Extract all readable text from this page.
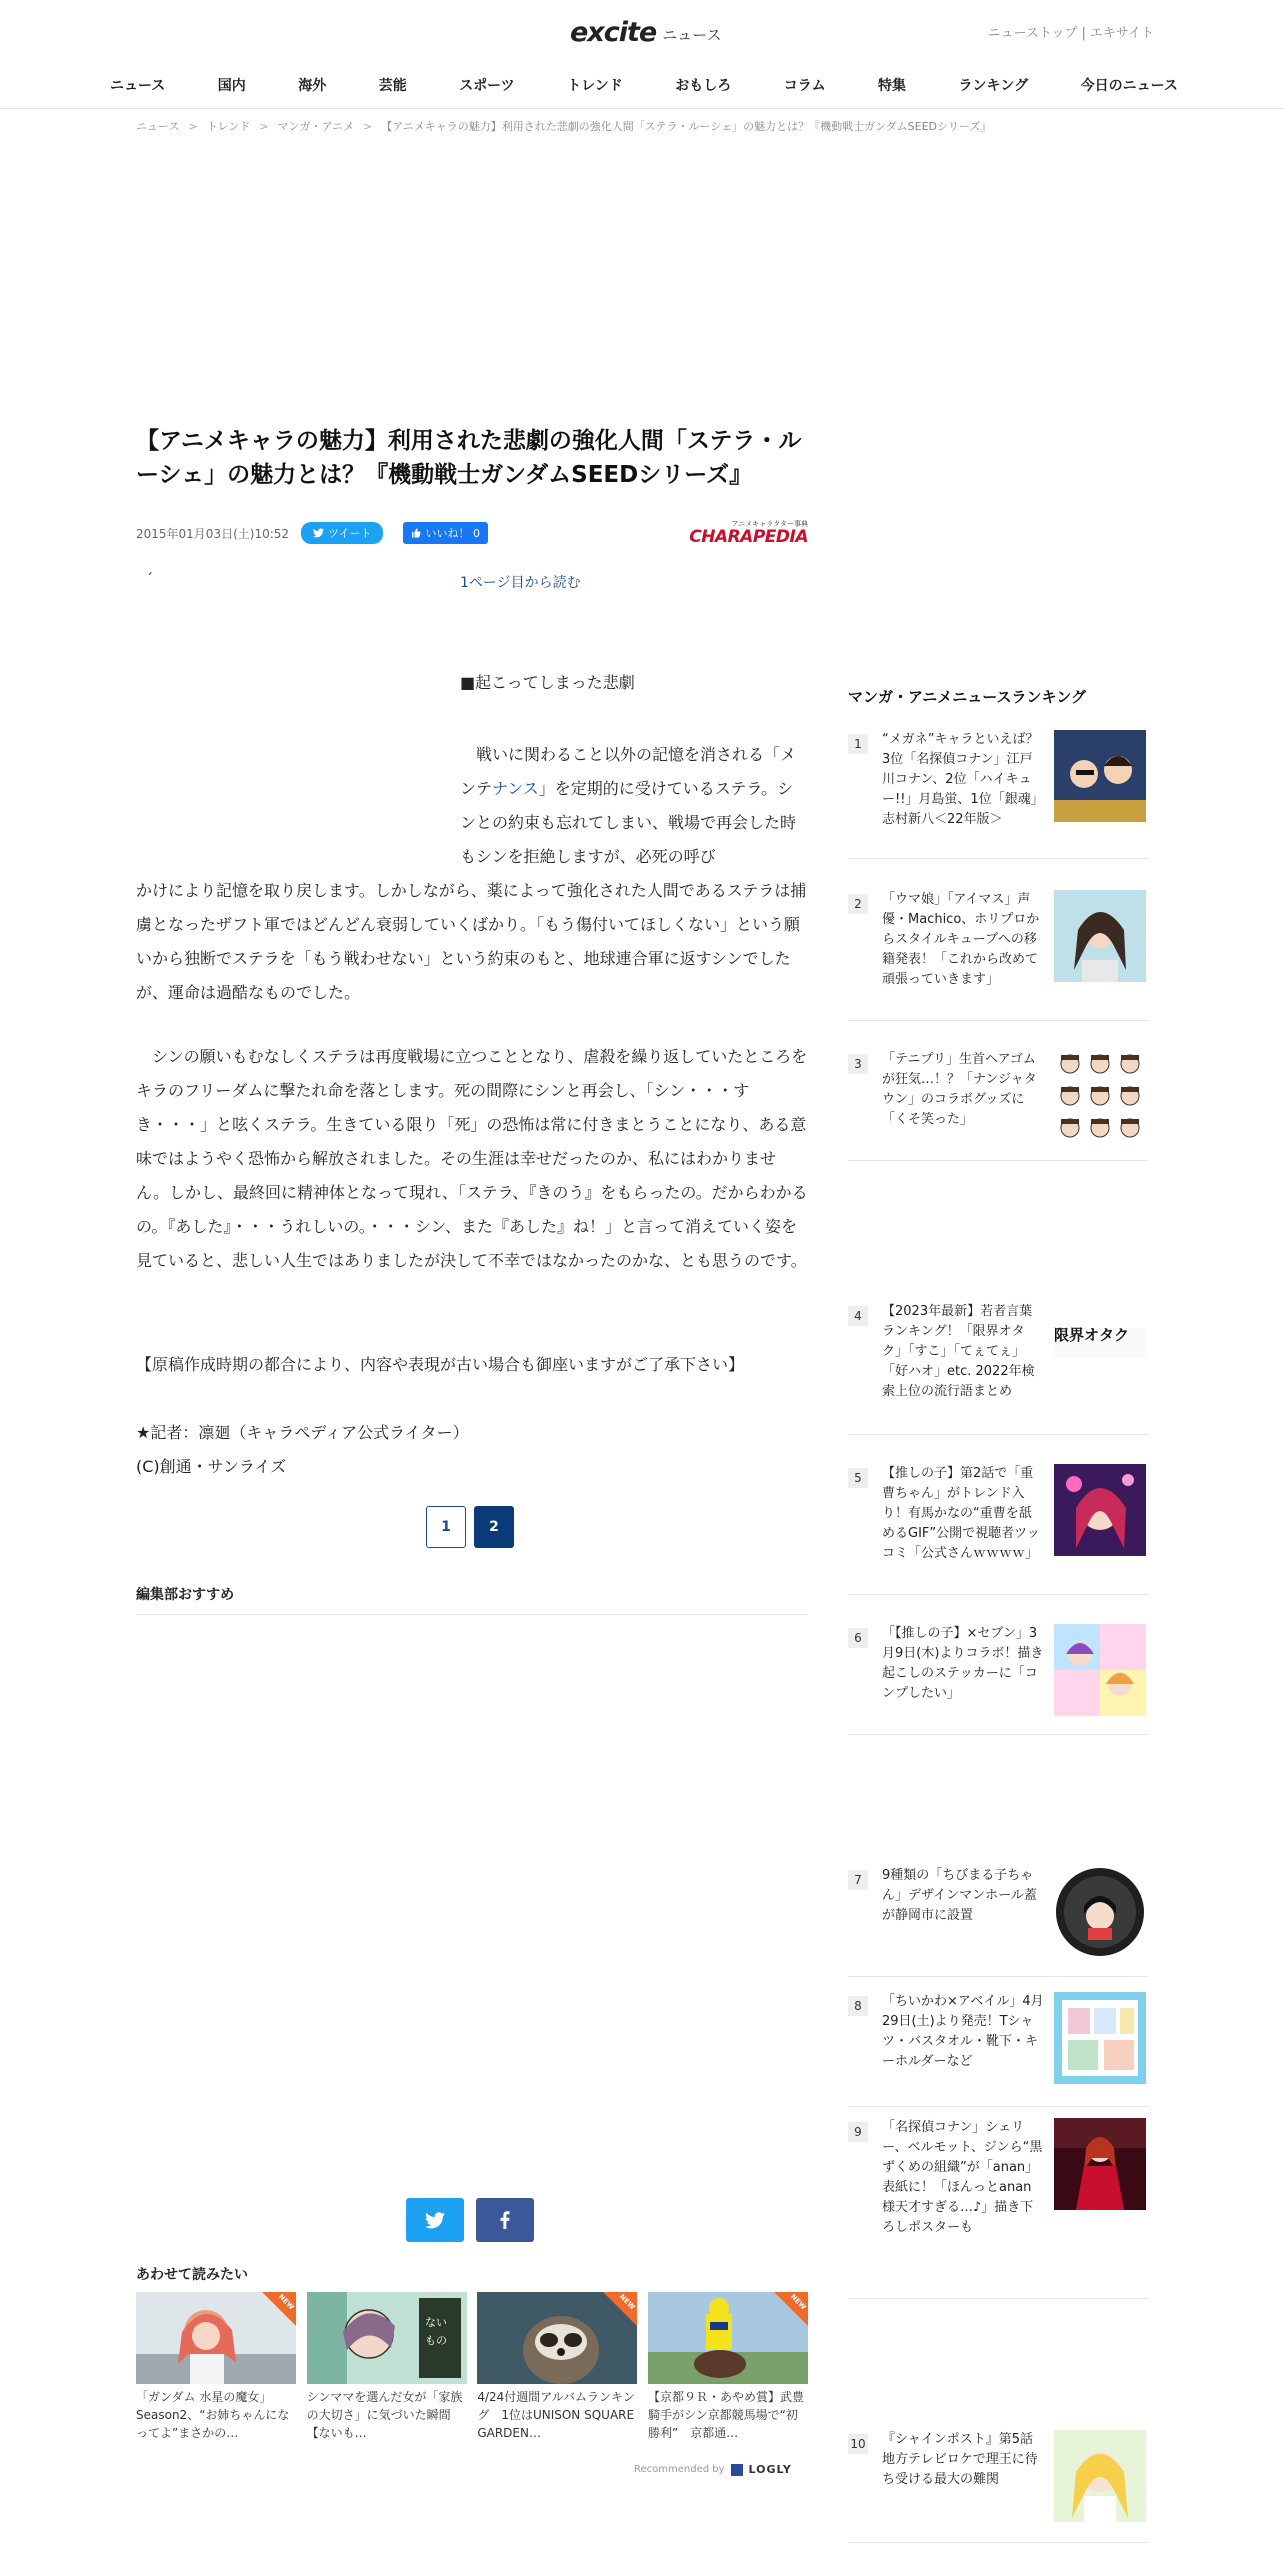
excite ニュース	ニューストップ | エキサイト
ニュース	国内	海外	芸能	スポーツ	トレンド	おもしろ	コラム	特集	ランキング	今日のニュース
ニュース > トレンド > マンガ・アニメ > 【アニメキャラの魅力】利用された悲劇の強化人間「ステラ・ルーシェ」の魅力とは？『機動戦士ガンダムSEEDシリーズ』
【アニメキャラの魅力】利用された悲劇の強化人間「ステラ・ルーシェ」の魅力とは？『機動戦士ガンダムSEEDシリーズ』
2015年01月03日(土)10:52	ツイート	いいね！ 0
アニメキャラクター事典
CHARAPEDIA
´	1ページ目から読む

■起こってしまった悲劇

　戦いに関わること以外の記憶を消される「メンテナンス」を定期的に受けているステラ。シンとの約束も忘れてしまい、戦場で再会した時もシンを拒絶しますが、必死の呼び
かけにより記憶を取り戻します。しかしながら、薬によって強化された人間であるステラは捕虜となったザフト軍ではどんどん衰弱していくばかり。「もう傷付いてほしくない」という願いから独断でステラを「もう戦わせない」という約束のもと、地球連合軍に返すシンでしたが、運命は過酷なものでした。

　シンの願いもむなしくステラは再度戦場に立つこととなり、虐殺を繰り返していたところをキラのフリーダムに撃たれ命を落とします。死の間際にシンと再会し、「シン・・・すき・・・」と呟くステラ。生きている限り「死」の恐怖は常に付きまとうことになり、ある意味ではようやく恐怖から解放されました。その生涯は幸せだったのか、私にはわかりません。しかし、最終回に精神体となって現れ、「ステラ、『きのう』をもらったの。だからわかるの。『あした』・・・うれしいの。・・・シン、また『あした』ね！」と言って消えていく姿を見ていると、悲しい人生ではありましたが決して不幸ではなかったのかな、とも思うのです。

【原稿作成時期の都合により、内容や表現が古い場合も御座いますがご了承下さい】

★記者：凛廻（キャラペディア公式ライター）
(C)創通・サンライズ
1	2
編集部おすすめ
あわせて読みたい
NEW
「ガンダム 水星の魔女」Season2、“お姉ちゃんになってよ”まさかの…
ない
もの
シンママを選んだ女が「家族の大切さ」に気づいた瞬間【ないも…
NEW
4/24付週間アルバムランキング　1位はUNISON SQUARE GARDEN…
NEW
【京都９Ｒ・あやめ賞】武豊騎手がシン京都競馬場で“初勝利”　京都通…
Recommended by LOGLY
マンガ・アニメニュースランキング
1	“メガネ”キャラといえば？ 3位「名探偵コナン」江戸川コナン、2位「ハイキュー!!」月島蛍、1位「銀魂」志村新八＜22年版＞
2	「ウマ娘」「アイマス」声優・Machico、ホリプロからスタイルキューブへの移籍発表！「これから改めて頑張っていきます」
3	「テニプリ」生首ヘアゴムが狂気…！？「ナンジャタウン」のコラボグッズに「くそ笑った」
4	【2023年最新】若者言葉ランキング！「限界オタク」「すこ」「てぇてぇ」「好ハオ」etc. 2022年検索上位の流行語まとめ
限界オタク
5	【推しの子】第2話で「重曹ちゃん」がトレンド入り！有馬かなの“重曹を舐めるGIF”公開で視聴者ツッコミ「公式さんｗｗｗｗ」
6	「【推しの子】×セブン」3月9日(木)よりコラボ！描き起こしのステッカーに「コンプしたい」
7	9種類の「ちびまる子ちゃん」デザインマンホール蓋が静岡市に設置
8	「ちいかわ×アベイル」4月29日(土)より発売！Tシャツ・バスタオル・靴下・キーホルダーなど
9	「名探偵コナン」シェリー、ベルモット、ジンら“黒ずくめの組織”が「anan」表紙に！「ほんっとanan様天才すぎる…♪」描き下ろしポスターも
10 『シャインポスト』第5話 地方テレビロケで理王に待ち受ける最大の難関
